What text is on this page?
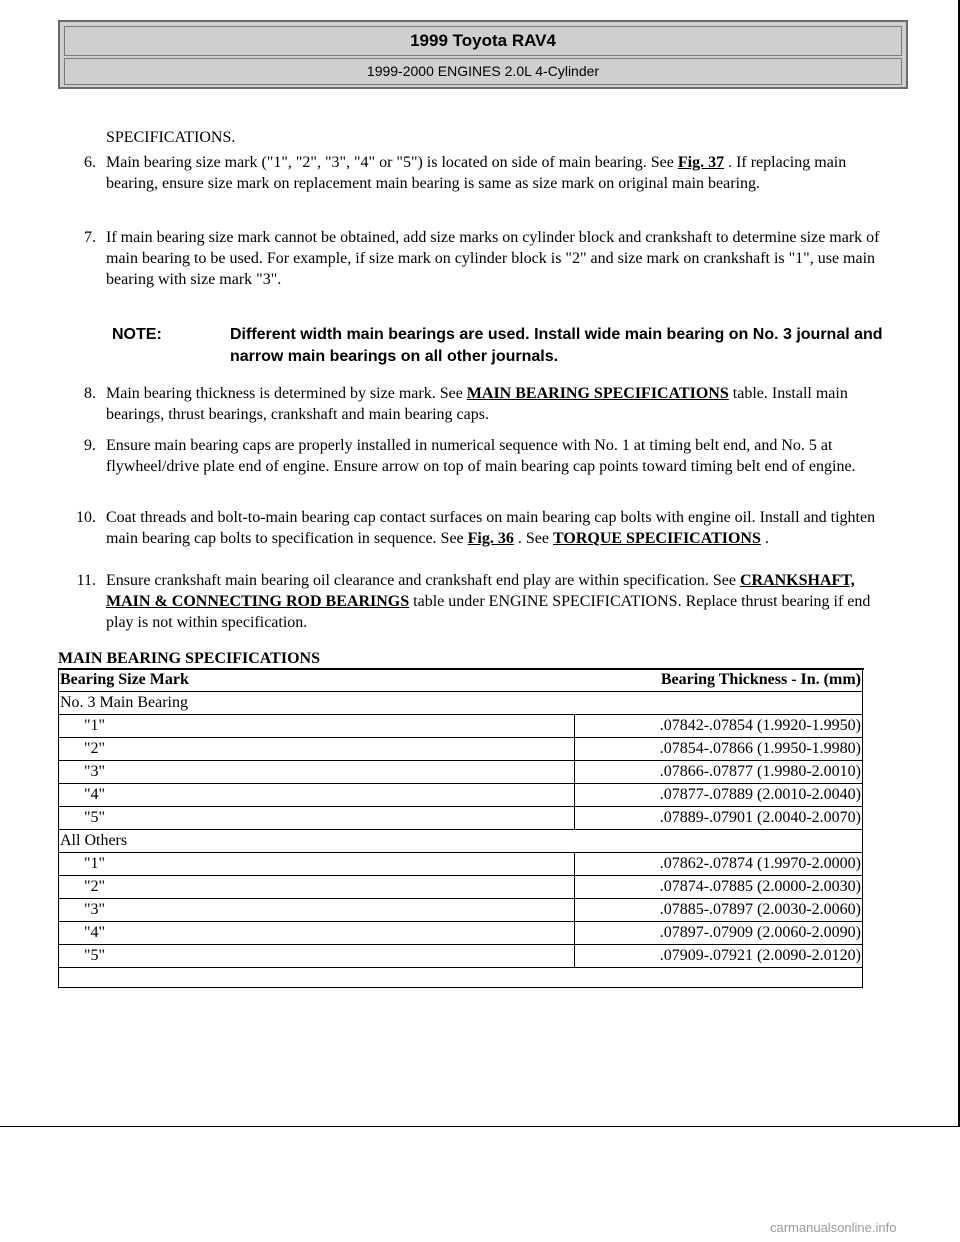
1999 Toyota RAV4
1999-2000 ENGINES 2.0L 4-Cylinder
SPECIFICATIONS.
6. Main bearing size mark ("1", "2", "3", "4" or "5") is located on side of main bearing. See Fig. 37 . If replacing main bearing, ensure size mark on replacement main bearing is same as size mark on original main bearing.
7. If main bearing size mark cannot be obtained, add size marks on cylinder block and crankshaft to determine size mark of main bearing to be used. For example, if size mark on cylinder block is "2" and size mark on crankshaft is "1", use main bearing with size mark "3".
NOTE:	Different width main bearings are used. Install wide main bearing on No. 3 journal and narrow main bearings on all other journals.
8. Main bearing thickness is determined by size mark. See MAIN BEARING SPECIFICATIONS table. Install main bearings, thrust bearings, crankshaft and main bearing caps.
9. Ensure main bearing caps are properly installed in numerical sequence with No. 1 at timing belt end, and No. 5 at flywheel/drive plate end of engine. Ensure arrow on top of main bearing cap points toward timing belt end of engine.
10. Coat threads and bolt-to-main bearing cap contact surfaces on main bearing cap bolts with engine oil. Install and tighten main bearing cap bolts to specification in sequence. See Fig. 36 . See TORQUE SPECIFICATIONS .
11. Ensure crankshaft main bearing oil clearance and crankshaft end play are within specification. See CRANKSHAFT, MAIN & CONNECTING ROD BEARINGS table under ENGINE SPECIFICATIONS. Replace thrust bearing if end play is not within specification.
MAIN BEARING SPECIFICATIONS
Bearing Size Mark	Bearing Thickness - In. (mm)
No. 3 Main Bearing	
"1"	.07842-.07854 (1.9920-1.9950)
"2"	.07854-.07866 (1.9950-1.9980)
"3"	.07866-.07877 (1.9980-2.0010)
"4"	.07877-.07889 (2.0010-2.0040)
"5"	.07889-.07901 (2.0040-2.0070)
All Others	
"1"	.07862-.07874 (1.9970-2.0000)
"2"	.07874-.07885 (2.0000-2.0030)
"3"	.07885-.07897 (2.0030-2.0060)
"4"	.07897-.07909 (2.0060-2.0090)
"5"	.07909-.07921 (2.0090-2.0120)
carmanualsonline.info
